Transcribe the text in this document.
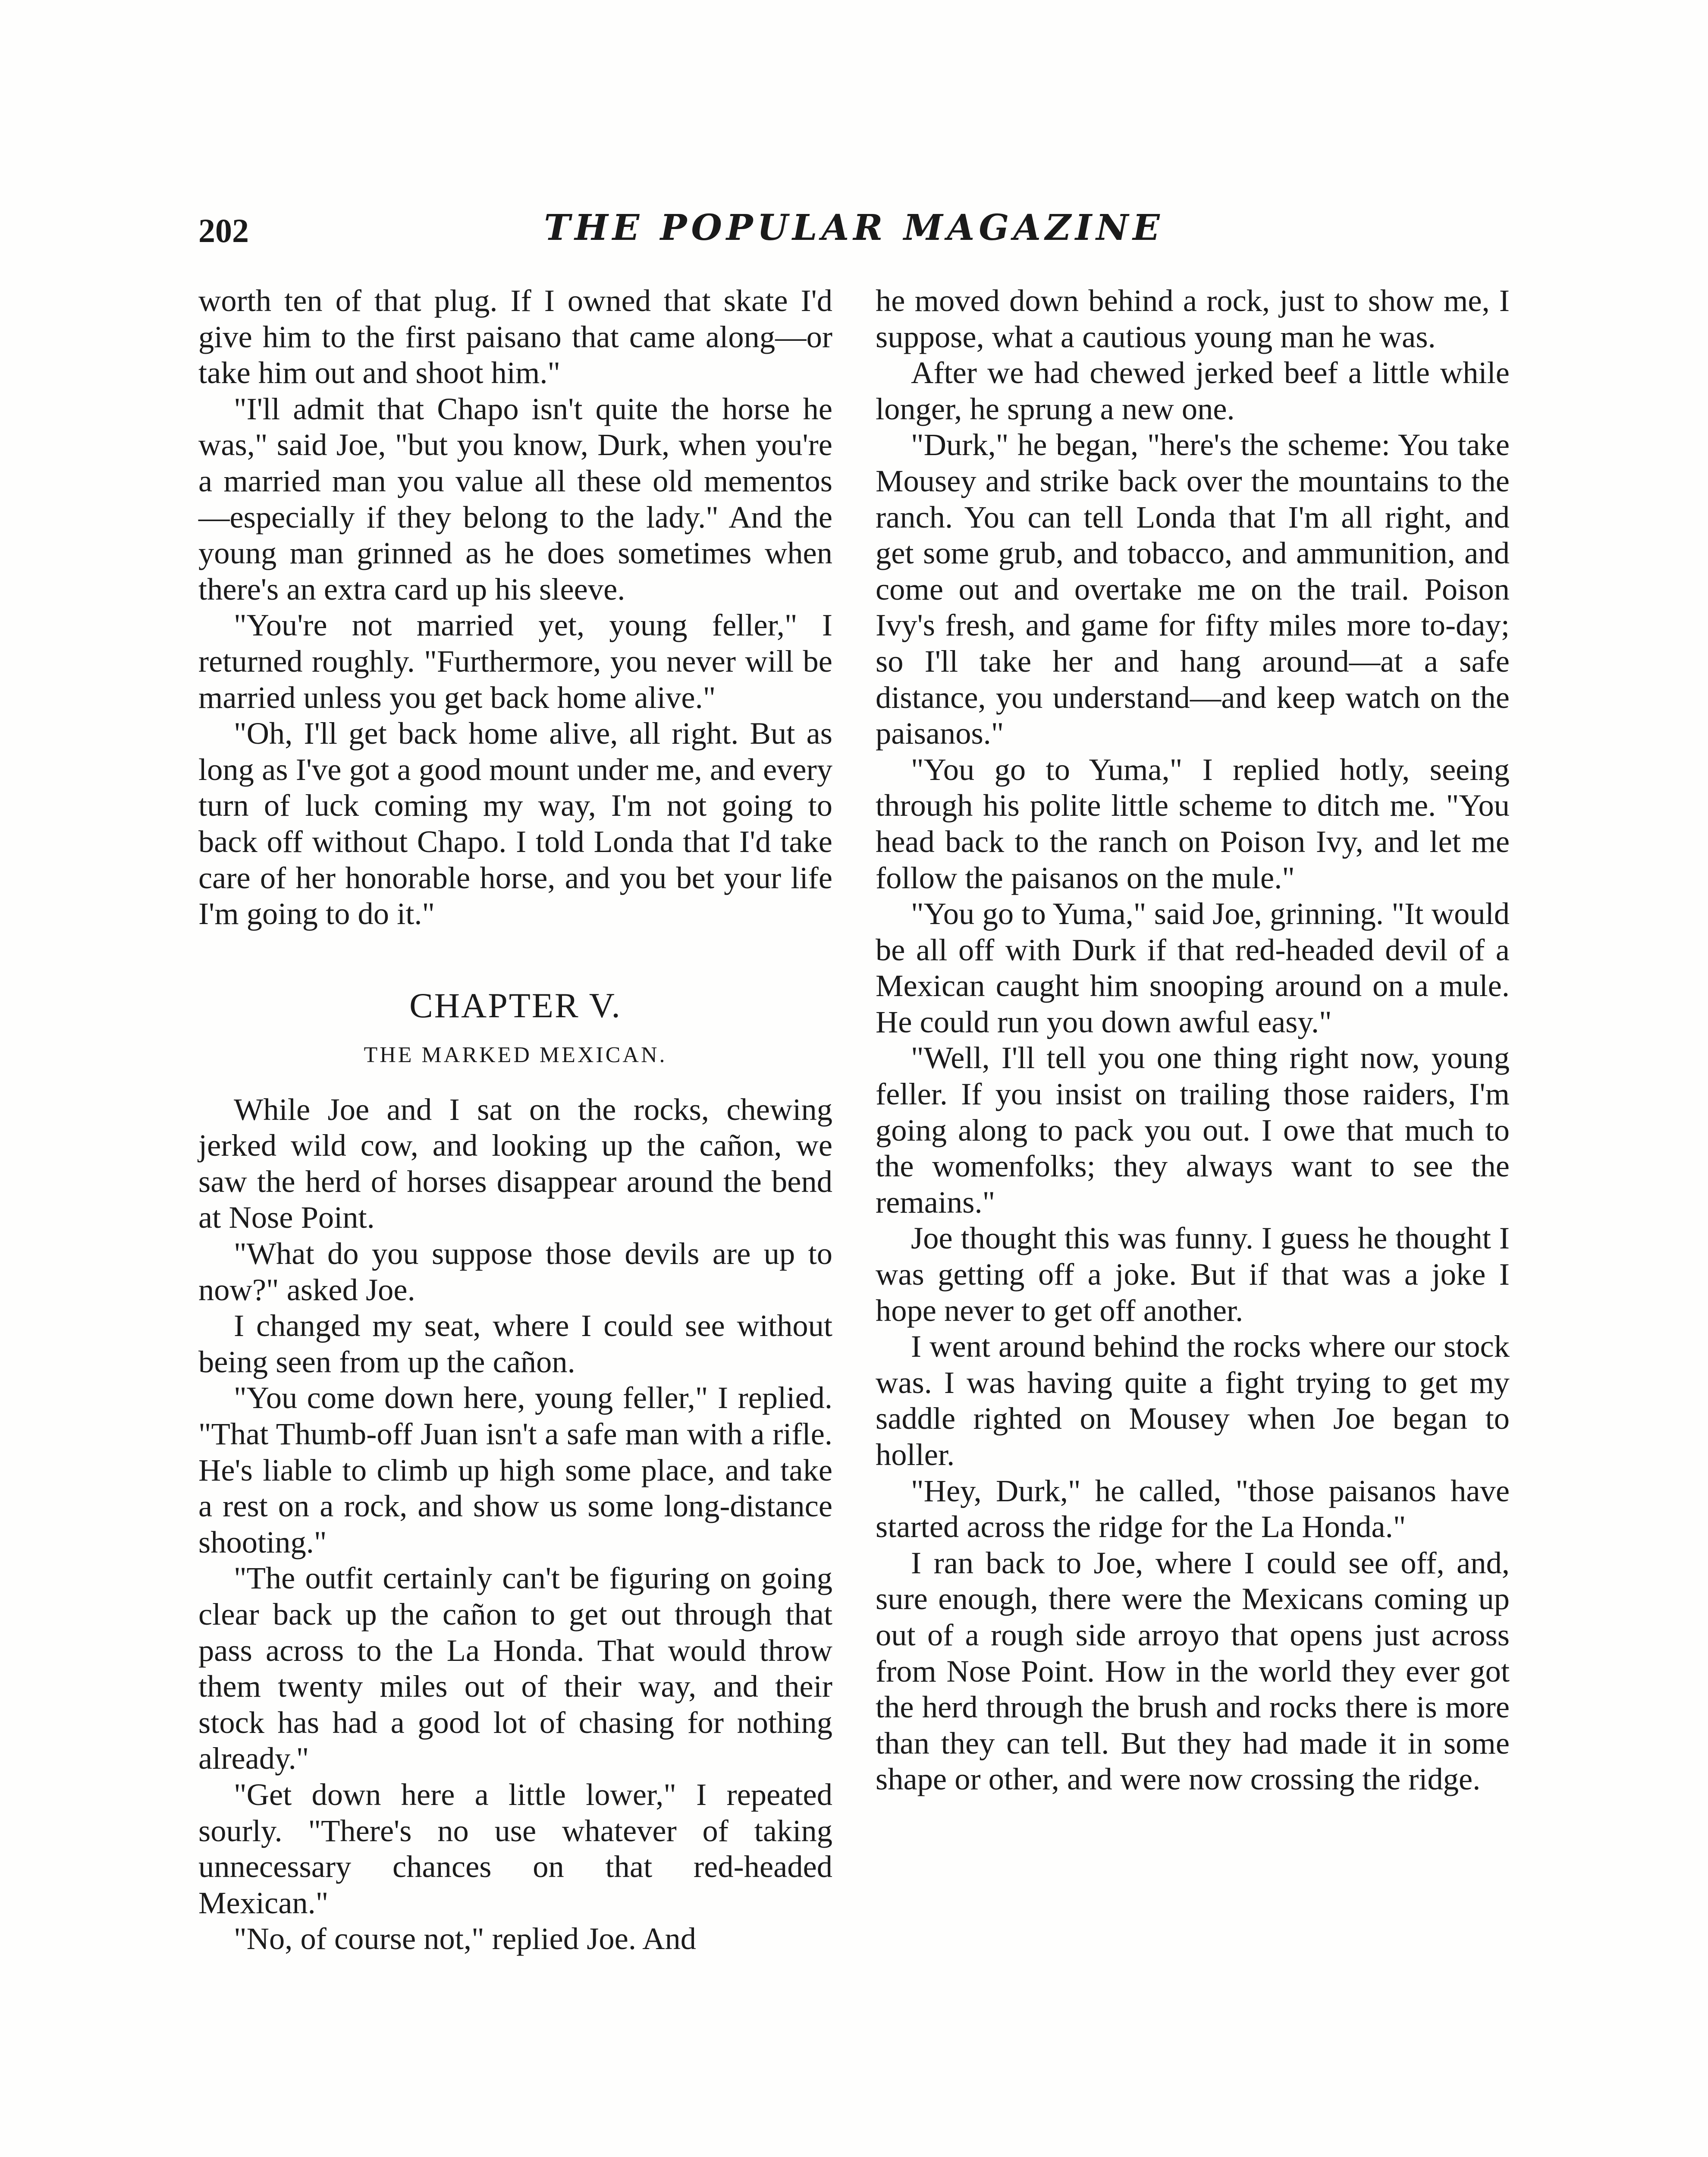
202	THE POPULAR MAGAZINE

worth ten of that plug. If I owned that skate I'd give him to the first paisano that came along—or take him out and shoot him."

"I'll admit that Chapo isn't quite the horse he was," said Joe, "but you know, Durk, when you're a married man you value all these old mementos—especially if they belong to the lady." And the young man grinned as he does sometimes when there's an extra card up his sleeve.

"You're not married yet, young feller," I returned roughly. "Furthermore, you never will be married unless you get back home alive."

"Oh, I'll get back home alive, all right. But as long as I've got a good mount under me, and every turn of luck coming my way, I'm not going to back off without Chapo. I told Londa that I'd take care of her honorable horse, and you bet your life I'm going to do it."

CHAPTER V.
THE MARKED MEXICAN.

While Joe and I sat on the rocks, chewing jerked wild cow, and looking up the cañon, we saw the herd of horses disappear around the bend at Nose Point.

"What do you suppose those devils are up to now?" asked Joe.

I changed my seat, where I could see without being seen from up the cañon.

"You come down here, young feller," I replied. "That Thumb-off Juan isn't a safe man with a rifle. He's liable to climb up high some place, and take a rest on a rock, and show us some long-distance shooting."

"The outfit certainly can't be figuring on going clear back up the cañon to get out through that pass across to the La Honda. That would throw them twenty miles out of their way, and their stock has had a good lot of chasing for nothing already."

"Get down here a little lower," I repeated sourly. "There's no use whatever of taking unnecessary chances on that red-headed Mexican."

"No, of course not," replied Joe. And

he moved down behind a rock, just to show me, I suppose, what a cautious young man he was.

After we had chewed jerked beef a little while longer, he sprung a new one.

"Durk," he began, "here's the scheme: You take Mousey and strike back over the mountains to the ranch. You can tell Londa that I'm all right, and get some grub, and tobacco, and ammunition, and come out and overtake me on the trail. Poison Ivy's fresh, and game for fifty miles more to-day; so I'll take her and hang around—at a safe distance, you understand—and keep watch on the paisanos."

"You go to Yuma," I replied hotly, seeing through his polite little scheme to ditch me. "You head back to the ranch on Poison Ivy, and let me follow the paisanos on the mule."

"You go to Yuma," said Joe, grinning. "It would be all off with Durk if that red-headed devil of a Mexican caught him snooping around on a mule. He could run you down awful easy."

"Well, I'll tell you one thing right now, young feller. If you insist on trailing those raiders, I'm going along to pack you out. I owe that much to the womenfolks; they always want to see the remains."

Joe thought this was funny. I guess he thought I was getting off a joke. But if that was a joke I hope never to get off another.

I went around behind the rocks where our stock was. I was having quite a fight trying to get my saddle righted on Mousey when Joe began to holler.

"Hey, Durk," he called, "those paisanos have started across the ridge for the La Honda."

I ran back to Joe, where I could see off, and, sure enough, there were the Mexicans coming up out of a rough side arroyo that opens just across from Nose Point. How in the world they ever got the herd through the brush and rocks there is more than they can tell. But they had made it in some shape or other, and were now crossing the ridge.
